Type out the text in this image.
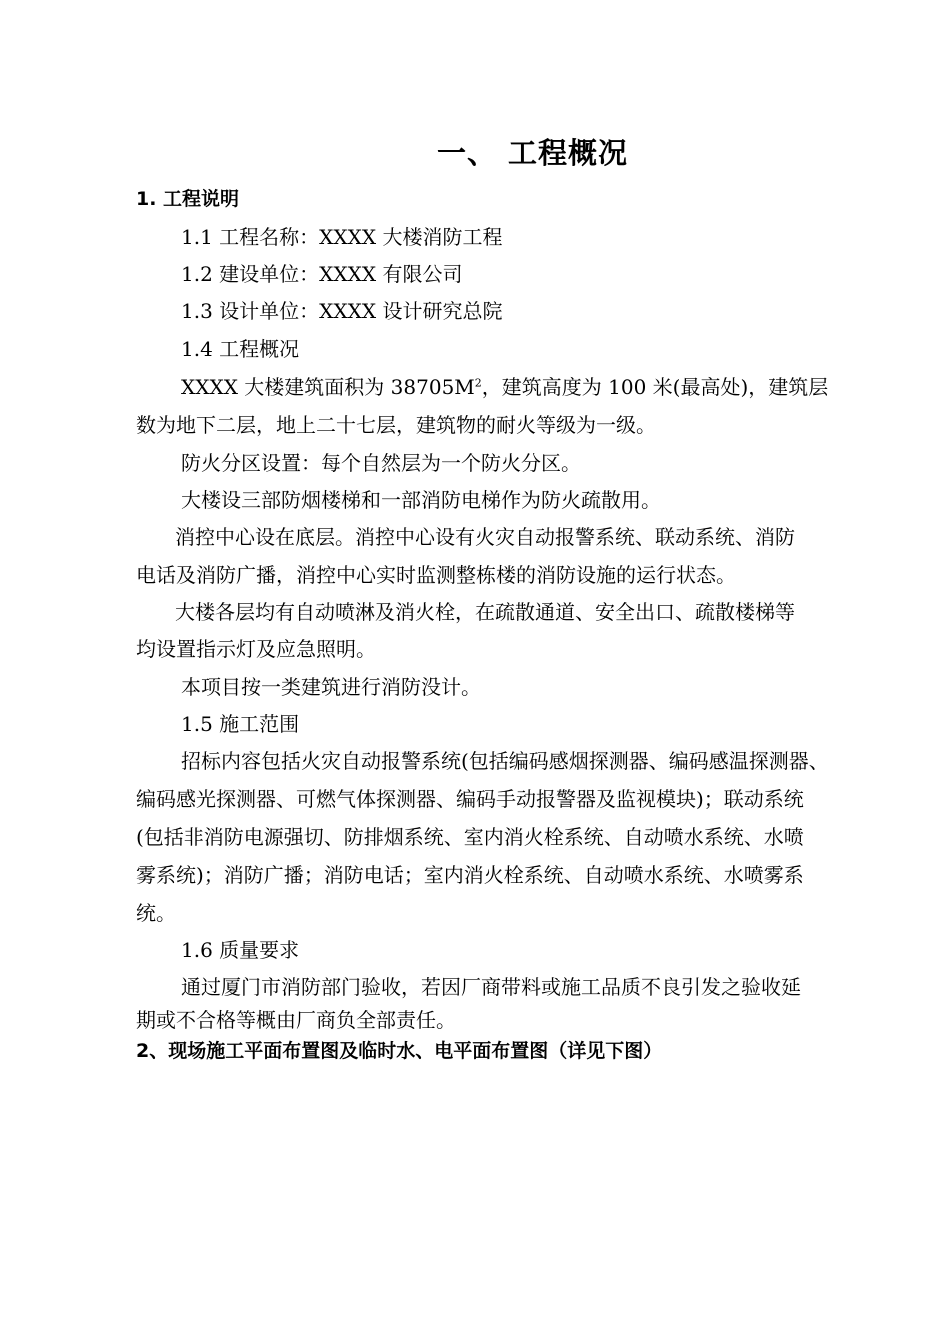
一、 工程概况
1. 工程说明
1.1 工程名称：XXXX 大楼消防工程
1.2 建设单位：XXXX 有限公司
1.3 设计单位：XXXX 设计研究总院
1.4 工程概况
XXXX 大楼建筑面积为 $38705M^2$，建筑高度为 100 米(最高处)，建筑层
数为地下二层，地上二十七层，建筑物的耐火等级为一级。
防火分区设置：每个自然层为一个防火分区。
大楼设三部防烟楼梯和一部消防电梯作为防火疏散用。
消控中心设在底层。消控中心设有火灾自动报警系统、联动系统、消防
电话及消防广播，消控中心实时监测整栋楼的消防设施的运行状态。
大楼各层均有自动喷淋及消火栓，在疏散通道、安全出口、疏散楼梯等
均设置指示灯及应急照明。
本项目按一类建筑进行消防没计。
1.5 施工范围
招标内容包括火灾自动报警系统(包括编码感烟探测器、编码感温探测器、
编码感光探测器、可燃气体探测器、编码手动报警器及监视模块)；联动系统
(包括非消防电源强切、防排烟系统、室内消火栓系统、自动喷水系统、水喷
雾系统)；消防广播；消防电话；室内消火栓系统、自动喷水系统、水喷雾系
统。
1.6 质量要求
通过厦门市消防部门验收，若因厂商带料或施工品质不良引发之验收延
期或不合格等概由厂商负全部责任。
2、现场施工平面布置图及临时水、电平面布置图（详见下图）
